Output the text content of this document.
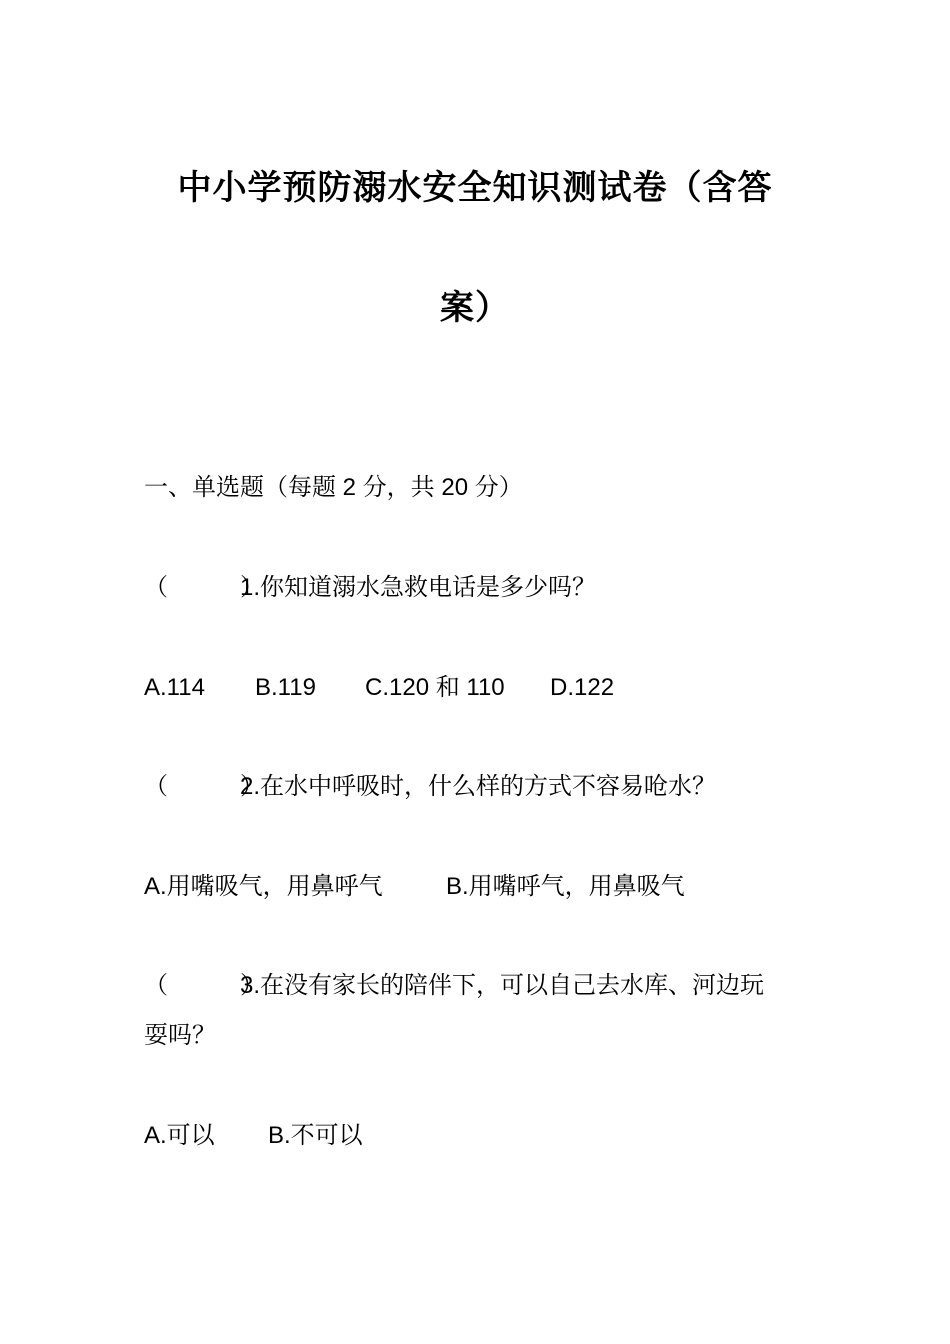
中小学预防溺水安全知识测试卷（含答
案）
一、单选题（每题 2 分，共 20 分）
（　　　）1.你知道溺水急救电话是多少吗？
A.114 B.119 C.120 和 110 D.122
（　　　）2.在水中呼吸时，什么样的方式不容易呛水？
A.用嘴吸气，用鼻呼气	B.用嘴呼气，用鼻吸气
（　　　）3.在没有家长的陪伴下，可以自己去水库、河边玩
耍吗？
A.可以 B.不可以
